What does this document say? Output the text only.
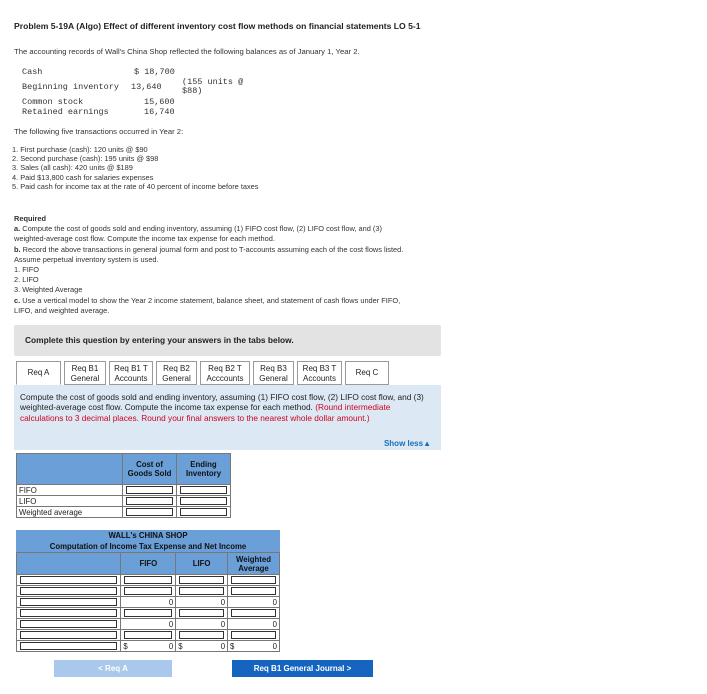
Problem 5-19A (Algo) Effect of different inventory cost flow methods on financial statements LO 5-1
The accounting records of Wall's China Shop reflected the following balances as of January 1, Year 2.
Cash	$ 18,700
Beginning inventory 13,640 (155 units @
$88)
Common stock	15,600
Retained earnings	16,740
The following five transactions occurred in Year 2:
1. First purchase (cash): 120 units @ $90
2. Second purchase (cash): 195 units @ $98
3. Sales (all cash): 420 units @ $189
4. Paid $13,800 cash for salaries expenses
5. Paid cash for income tax at the rate of 40 percent of income before taxes
Required
a. Compute the cost of goods sold and ending inventory, assuming (1) FIFO cost flow, (2) LIFO cost flow, and (3)
weighted-average cost flow. Compute the income tax expense for each method.
b. Record the above transactions in general journal form and post to T-accounts assuming each of the cost flows listed.
Assume perpetual inventory system is used.
1. FIFO
2. LIFO
3. Weighted Average
c. Use a vertical model to show the Year 2 income statement, balance sheet, and statement of cash flows under FIFO,
LIFO, and weighted average.
Complete this question by entering your answers in the tabs below.
Req A	Req B1
General
Req B1 T
Accounts
Req B2
General
Req B2 T
Acccounts
Req B3
General
Req B3 T
Accounts
Req C
Compute the cost of goods sold and ending inventory, assuming (1) FIFO cost flow, (2) LIFO cost flow, and (3) weighted-average cost flow. Compute the income tax expense for each method. (Round intermediate calculations to 3 decimal places. Round your final answers to the nearest whole dollar amount.)
Show less▲
	Cost of Goods Sold	Ending Inventory	
FIFO	

LIFO	

Weighted average	

WALL's CHINA SHOP
Computation of Income Tax Expense and Net Income
	FIFO	LIFO	Weighted Average

	0	0	0

	0	0	0

	$ 0	$ 0	$ 0
< Req A	Req B1 General Journal >
